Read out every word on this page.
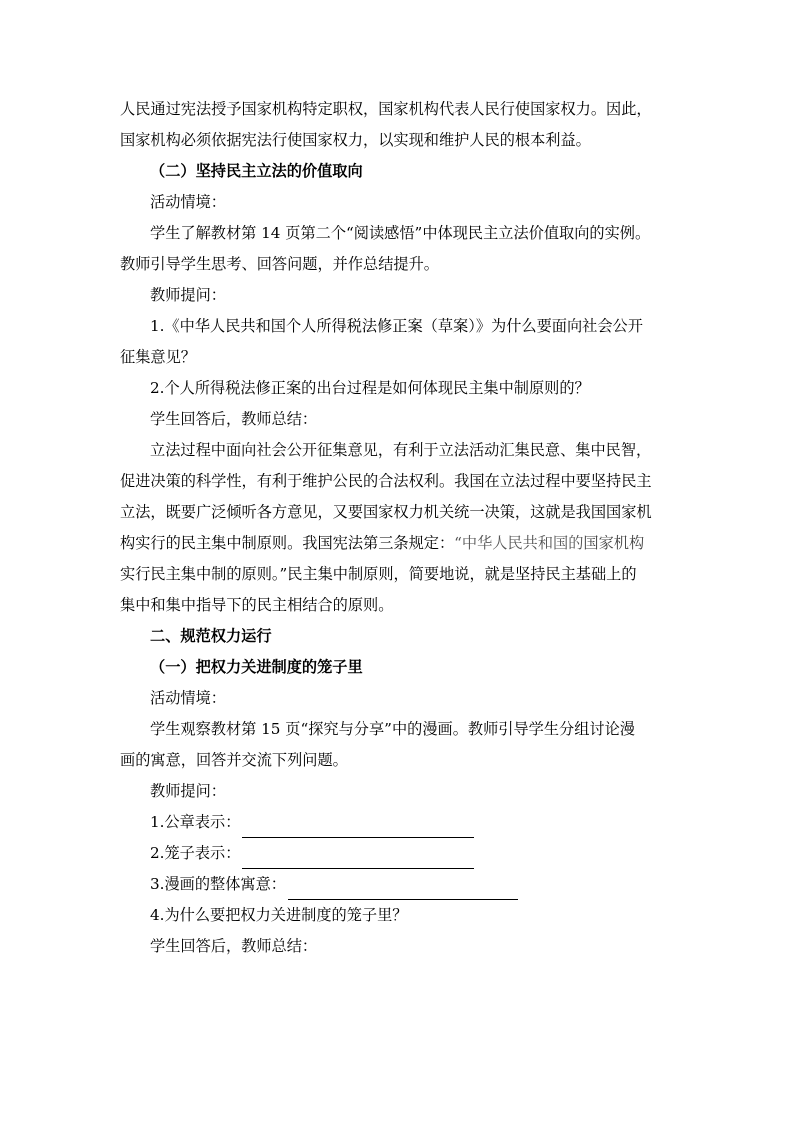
人民通过宪法授予国家机构特定职权，国家机构代表人民行使国家权力。因此，
国家机构必须依据宪法行使国家权力，以实现和维护人民的根本利益。
（二）坚持民主立法的价值取向
活动情境：
学生了解教材第 14 页第二个“阅读感悟”中体现民主立法价值取向的实例。
教师引导学生思考、回答问题，并作总结提升。
教师提问：
1.《中华人民共和国个人所得税法修正案（草案）》为什么要面向社会公开
征集意见？
2.个人所得税法修正案的出台过程是如何体现民主集中制原则的？
学生回答后，教师总结：
立法过程中面向社会公开征集意见，有利于立法活动汇集民意、集中民智，
促进决策的科学性，有利于维护公民的合法权利。我国在立法过程中要坚持民主
立法，既要广泛倾听各方意见，又要国家权力机关统一决策，这就是我国国家机
构实行的民主集中制原则。我国宪法第三条规定：“中华人民共和国的国家机构
实行民主集中制的原则。”民主集中制原则，简要地说，就是坚持民主基础上的
集中和集中指导下的民主相结合的原则。
二、规范权力运行
（一）把权力关进制度的笼子里
活动情境：
学生观察教材第 15 页“探究与分享”中的漫画。教师引导学生分组讨论漫
画的寓意，回答并交流下列问题。
教师提问：
1.公章表示：
2.笼子表示：
3.漫画的整体寓意：
4.为什么要把权力关进制度的笼子里？
学生回答后，教师总结：
